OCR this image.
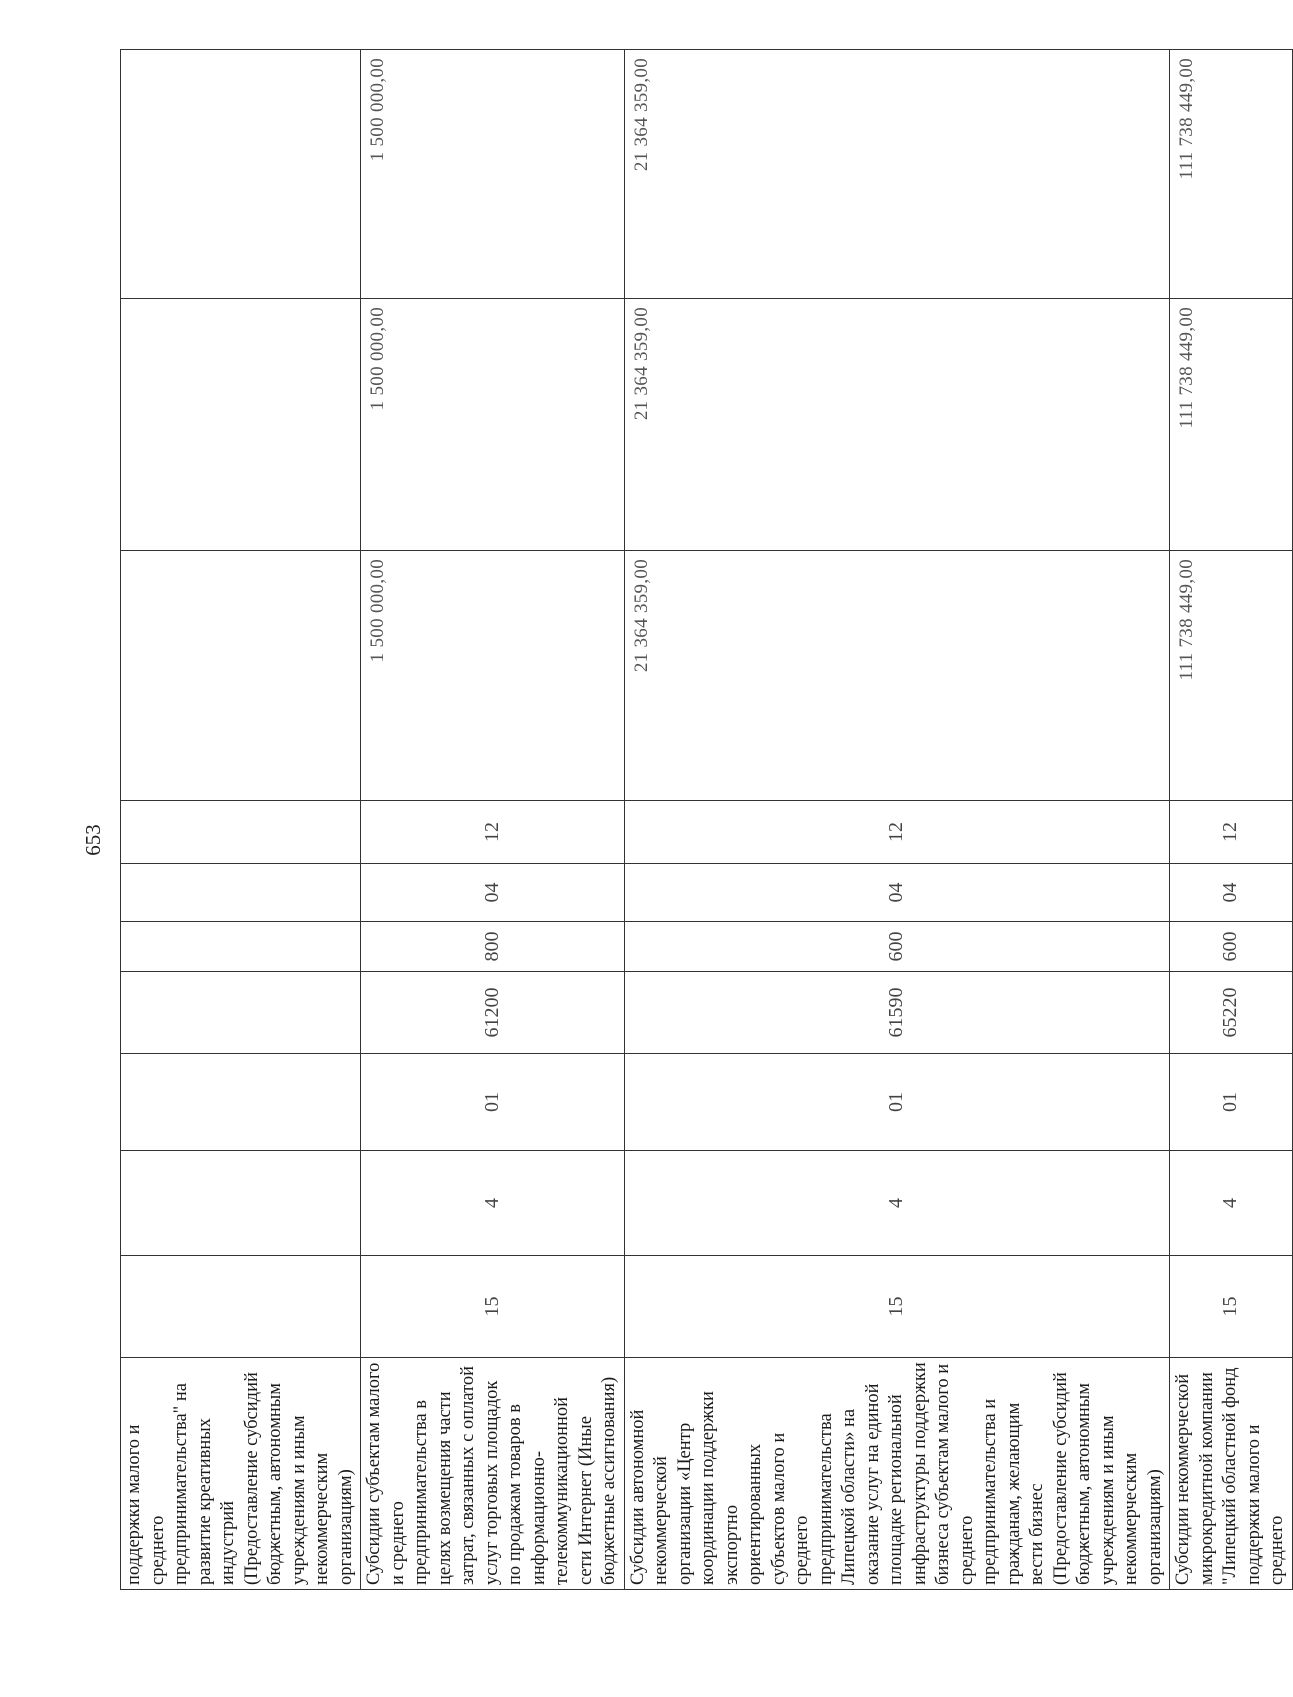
653
поддержки малого и среднего предпринимательства" на развитие креативных индустрий (Предоставление субсидий бюджетным, автономным учреждениям и иным некоммерческим организациям)										
Субсидии субъектам малого и среднего предпринимательства в целях возмещения части затрат, связанных с оплатой услуг торговых площадок по продажам товаров в информационно-телекоммуникационной сети Интернет (Иные бюджетные ассигнования)	15	4	01	61200	800	04	12	1 500 000,00	1 500 000,00	1 500 000,00
Субсидии автономной некоммерческой организации «Центр координации поддержки экспортно ориентированных субъектов малого и среднего предпринимательства Липецкой области» на оказание услуг на единой площадке региональной инфраструктуры поддержки бизнеса субъектам малого и среднего предпринимательства и гражданам, желающим вести бизнес (Предоставление субсидий бюджетным, автономным учреждениям и иным некоммерческим организациям)	15	4	01	61590	600	04	12	21 364 359,00	21 364 359,00	21 364 359,00
Субсидии некоммерческой микрокредитной компании "Липецкий областной фонд поддержки малого и среднего	15	4	01	65220	600	04	12	111 738 449,00	111 738 449,00	111 738 449,00
